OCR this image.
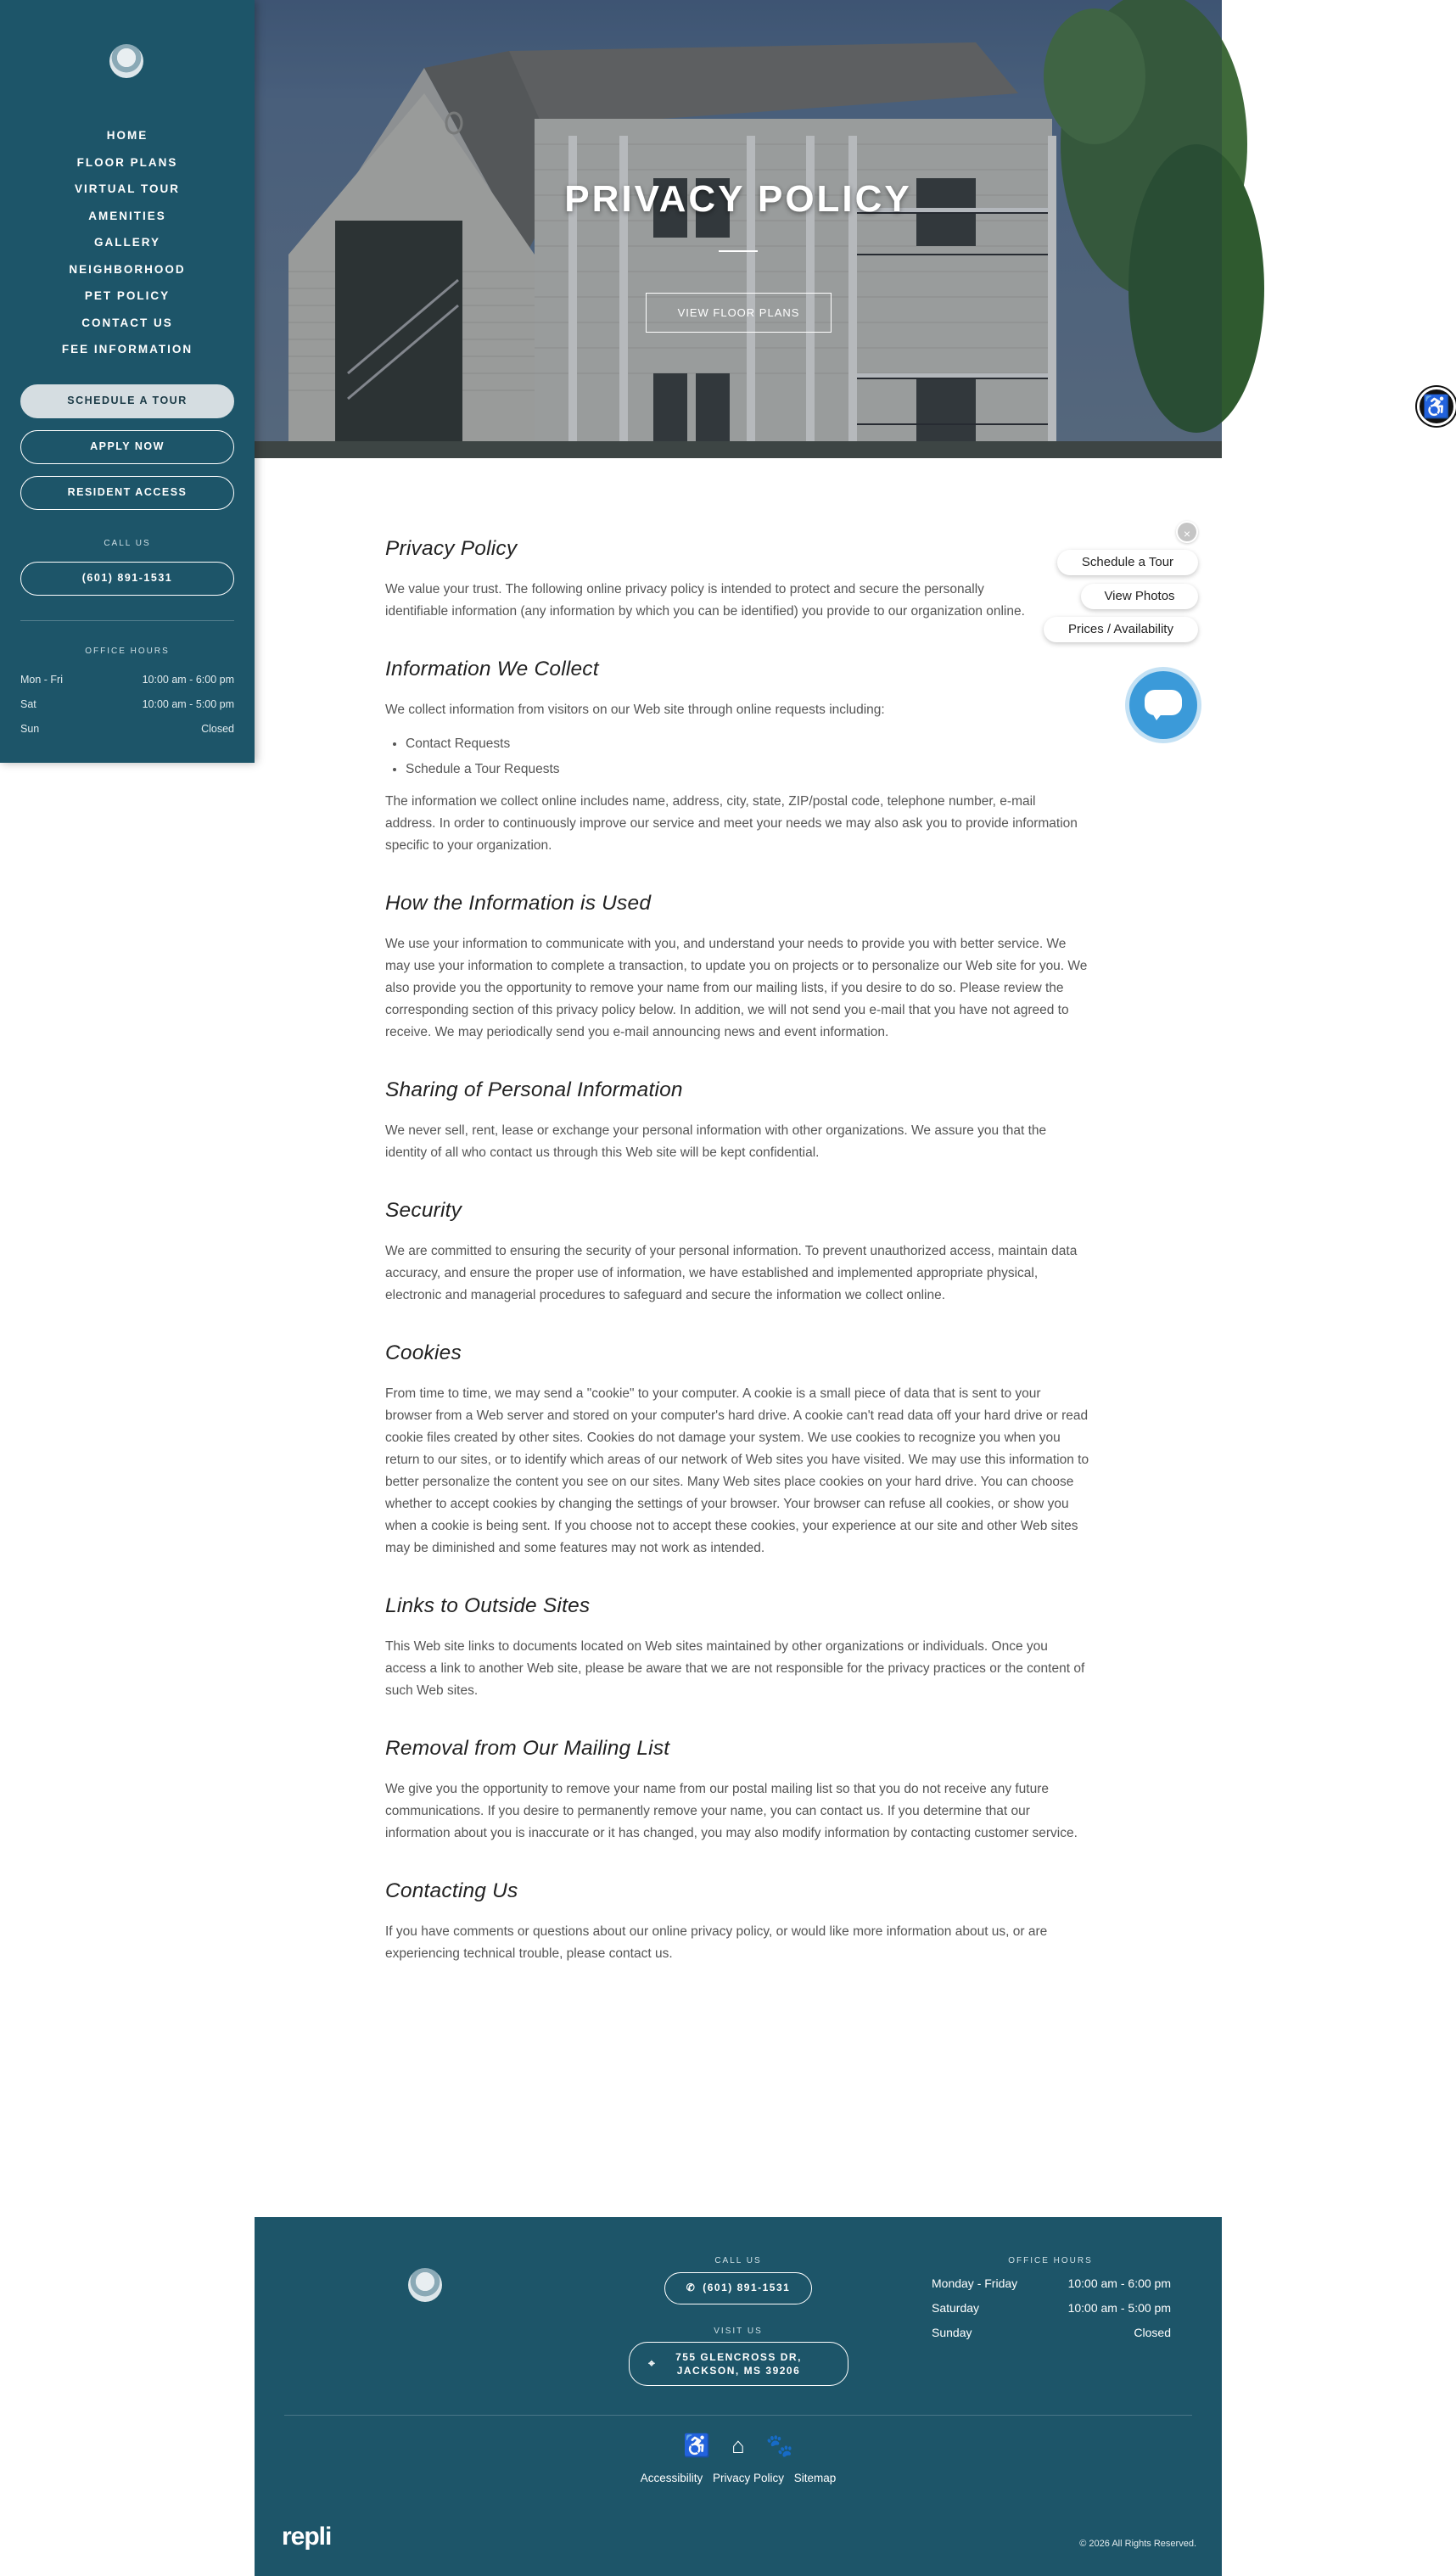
HOME
FLOOR PLANS
VIRTUAL TOUR
AMENITIES
GALLERY
NEIGHBORHOOD
PET POLICY
CONTACT US
FEE INFORMATION
SCHEDULE A TOUR
APPLY NOW
RESIDENT ACCESS
CALL US
(601) 891-1531
OFFICE HOURS
Mon - Fri	10:00 am - 6:00 pm
Sat	10:00 am - 5:00 pm
Sun	Closed
PRIVACY POLICY
VIEW FLOOR PLANS
♿
×
Schedule a Tour
View Photos
Prices / Availability
Privacy Policy

We value your trust. The following online privacy policy is intended to protect and secure the personally identifiable information (any information by which you can be identified) you provide to our organization online.

Information We Collect

We collect information from visitors on our Web site through online requests including:

• Contact Requests
• Schedule a Tour Requests

The information we collect online includes name, address, city, state, ZIP/postal code, telephone number, e-mail address. In order to continuously improve our service and meet your needs we may also ask you to provide information specific to your organization.

How the Information is Used

We use your information to communicate with you, and understand your needs to provide you with better service. We may use your information to complete a transaction, to update you on projects or to personalize our Web site for you. We also provide you the opportunity to remove your name from our mailing lists, if you desire to do so. Please review the corresponding section of this privacy policy below. In addition, we will not send you e-mail that you have not agreed to receive. We may periodically send you e-mail announcing news and event information.

Sharing of Personal Information

We never sell, rent, lease or exchange your personal information with other organizations. We assure you that the identity of all who contact us through this Web site will be kept confidential.

Security

We are committed to ensuring the security of your personal information. To prevent unauthorized access, maintain data accuracy, and ensure the proper use of information, we have established and implemented appropriate physical, electronic and managerial procedures to safeguard and secure the information we collect online.

Cookies

From time to time, we may send a "cookie" to your computer. A cookie is a small piece of data that is sent to your browser from a Web server and stored on your computer's hard drive. A cookie can't read data off your hard drive or read cookie files created by other sites. Cookies do not damage your system. We use cookies to recognize you when you return to our sites, or to identify which areas of our network of Web sites you have visited. We may use this information to better personalize the content you see on our sites. Many Web sites place cookies on your hard drive. You can choose whether to accept cookies by changing the settings of your browser. Your browser can refuse all cookies, or show you when a cookie is being sent. If you choose not to accept these cookies, your experience at our site and other Web sites may be diminished and some features may not work as intended.

Links to Outside Sites

This Web site links to documents located on Web sites maintained by other organizations or individuals. Once you access a link to another Web site, please be aware that we are not responsible for the privacy practices or the content of such Web sites.

Removal from Our Mailing List

We give you the opportunity to remove your name from our postal mailing list so that you do not receive any future communications. If you desire to permanently remove your name, you can contact us. If you determine that our information about you is inaccurate or it has changed, you may also modify information by contacting customer service.

Contacting Us

If you have comments or questions about our online privacy policy, or would like more information about us, or are experiencing technical trouble, please contact us.

CALL US
✆ (601) 891-1531
VISIT US
⌖	755 GLENCROSS DR,
JACKSON, MS 39206
OFFICE HOURS
Monday - Friday	10:00 am - 6:00 pm
Saturday	10:00 am - 5:00 pm
Sunday	Closed
♿ ⌂ 🐾
Accessibility Privacy Policy Sitemap
repli	© 2026 All Rights Reserved.
